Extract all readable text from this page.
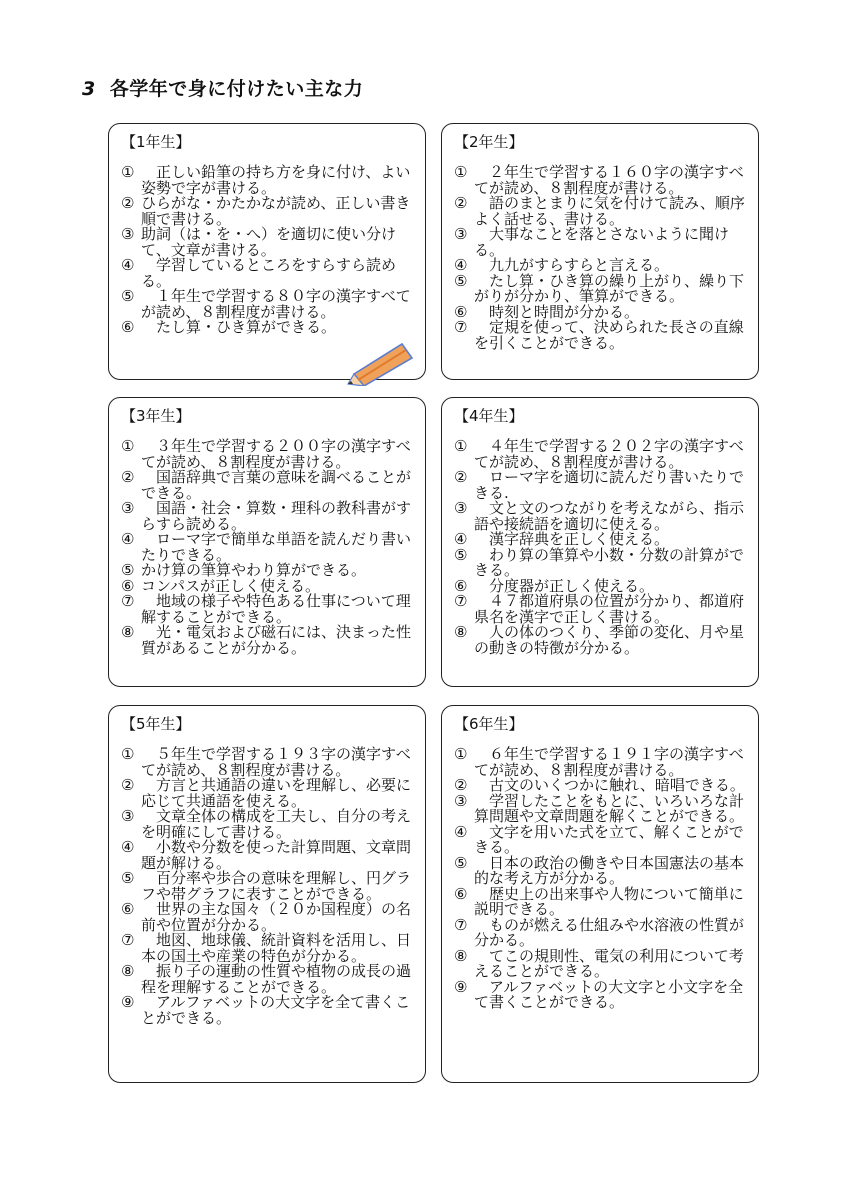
3 各学年で身に付けたい主な力
【1年生】
① 　正しい鉛筆の持ち方を身に付け、よい姿勢で字が書ける。
② ひらがな・かたかなが読め、正しい書き順で書ける。
③ 助詞（は・を・へ）を適切に使い分けて、文章が書ける。
④ 　学習しているところをすらすら読める。
⑤ 　１年生で学習する８０字の漢字すべてが読め、８割程度が書ける。
⑥ 　たし算・ひき算ができる。
【2年生】
① 　２年生で学習する１６０字の漢字すべてが読め、８割程度が書ける。
② 　語のまとまりに気を付けて読み、順序よく話せる、書ける。
③ 　大事なことを落とさないように聞ける。
④ 　九九がすらすらと言える。
⑤ 　たし算・ひき算の繰り上がり、繰り下がりが分かり、筆算ができる。
⑥ 　時刻と時間が分かる。
⑦ 　定規を使って、決められた長さの直線を引くことができる。
【3年生】
① 　３年生で学習する２００字の漢字すべてが読め、８割程度が書ける。
② 　国語辞典で言葉の意味を調べることができる。
③ 　国語・社会・算数・理科の教科書がすらすら読める。
④ 　ローマ字で簡単な単語を読んだり書いたりできる。
⑤ かけ算の筆算やわり算ができる。
⑥ コンパスが正しく使える。
⑦ 　地域の様子や特色ある仕事について理解することができる。
⑧ 　光・電気および磁石には、決まった性質があることが分かる。
【4年生】
① 　４年生で学習する２０２字の漢字すべてが読め、８割程度が書ける。
② 　ローマ字を適切に読んだり書いたりできる.
③ 　文と文のつながりを考えながら、指示語や接続語を適切に使える。
④ 　漢字辞典を正しく使える。
⑤ 　わり算の筆算や小数・分数の計算ができる。
⑥ 　分度器が正しく使える。
⑦ 　４７都道府県の位置が分かり、都道府県名を漢字で正しく書ける。
⑧ 　人の体のつくり、季節の変化、月や星の動きの特徴が分かる。
【5年生】
① 　５年生で学習する１９３字の漢字すべてが読め、８割程度が書ける。
② 　方言と共通語の違いを理解し、必要に応じて共通語を使える。
③ 　文章全体の構成を工夫し、自分の考えを明確にして書ける。
④ 　小数や分数を使った計算問題、文章問題が解ける。
⑤ 　百分率や歩合の意味を理解し、円グラフや帯グラフに表すことができる。
⑥ 　世界の主な国々（２０か国程度）の名前や位置が分かる。
⑦ 　地図、地球儀、統計資料を活用し、日本の国土や産業の特色が分かる。
⑧ 　振り子の運動の性質や植物の成長の過程を理解することができる。
⑨ 　アルファベットの大文字を全て書くことができる。
【6年生】
① 　６年生で学習する１９１字の漢字すべてが読め、８割程度が書ける。
② 　古文のいくつかに触れ、暗唱できる。
③ 　学習したことをもとに、いろいろな計算問題や文章問題を解くことができる。
④ 　文字を用いた式を立て、解くことができる。
⑤ 　日本の政治の働きや日本国憲法の基本的な考え方が分かる。
⑥ 　歴史上の出来事や人物について簡単に説明できる。
⑦ 　ものが燃える仕組みや水溶液の性質が分かる。
⑧ 　てこの規則性、電気の利用について考えることができる。
⑨ 　アルファベットの大文字と小文字を全て書くことができる。
